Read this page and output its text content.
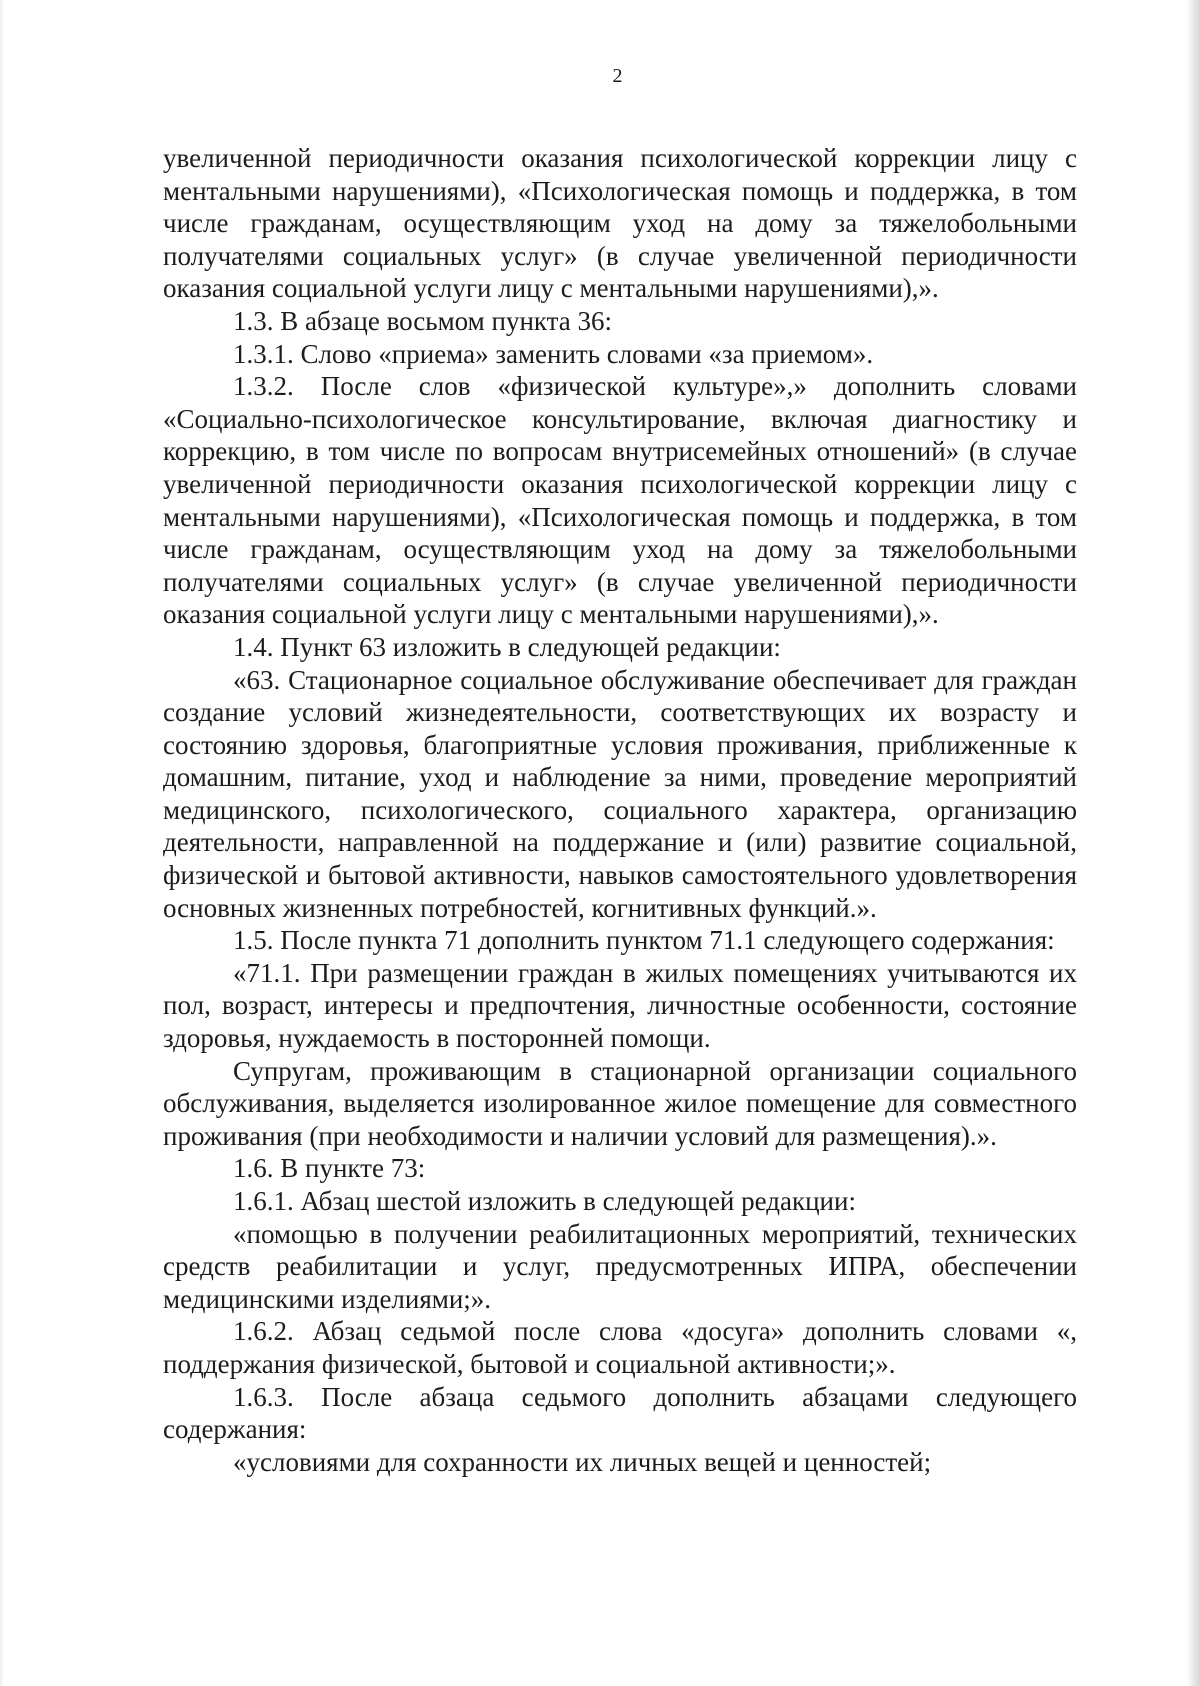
2

увеличенной периодичности оказания психологической коррекции лицу с ментальными нарушениями), «Психологическая помощь и поддержка, в том числе гражданам, осуществляющим уход на дому за тяжелобольными получателями социальных услуг» (в случае увеличенной периодичности оказания социальной услуги лицу с ментальными нарушениями),».

1.3. В абзаце восьмом пункта 36:

1.3.1. Слово «приема» заменить словами «за приемом».

1.3.2. После слов «физической культуре»,» дополнить словами «Социально-психологическое консультирование, включая диагностику и коррекцию, в том числе по вопросам внутрисемейных отношений» (в случае увеличенной периодичности оказания психологической коррекции лицу с ментальными нарушениями), «Психологическая помощь и поддержка, в том числе гражданам, осуществляющим уход на дому за тяжелобольными получателями социальных услуг» (в случае увеличенной периодичности оказания социальной услуги лицу с ментальными нарушениями),».

1.4. Пункт 63 изложить в следующей редакции:

«63. Стационарное социальное обслуживание обеспечивает для граждан создание условий жизнедеятельности, соответствующих их возрасту и состоянию здоровья, благоприятные условия проживания, приближенные к домашним, питание, уход и наблюдение за ними, проведение мероприятий медицинского, психологического, социального характера, организацию деятельности, направленной на поддержание и (или) развитие социальной, физической и бытовой активности, навыков самостоятельного удовлетворения основных жизненных потребностей, когнитивных функций.».

1.5. После пункта 71 дополнить пунктом 71.1 следующего содержания:

«71.1. При размещении граждан в жилых помещениях учитываются их пол, возраст, интересы и предпочтения, личностные особенности, состояние здоровья, нуждаемость в посторонней помощи.

Супругам, проживающим в стационарной организации социального обслуживания, выделяется изолированное жилое помещение для совместного проживания (при необходимости и наличии условий для размещения).».

1.6. В пункте 73:

1.6.1. Абзац шестой изложить в следующей редакции:

«помощью в получении реабилитационных мероприятий, технических средств реабилитации и услуг, предусмотренных ИПРА, обеспечении медицинскими изделиями;».

1.6.2. Абзац седьмой после слова «досуга» дополнить словами «, поддержания физической, бытовой и социальной активности;».

1.6.3. После абзаца седьмого дополнить абзацами следующего содержания:

«условиями для сохранности их личных вещей и ценностей;
